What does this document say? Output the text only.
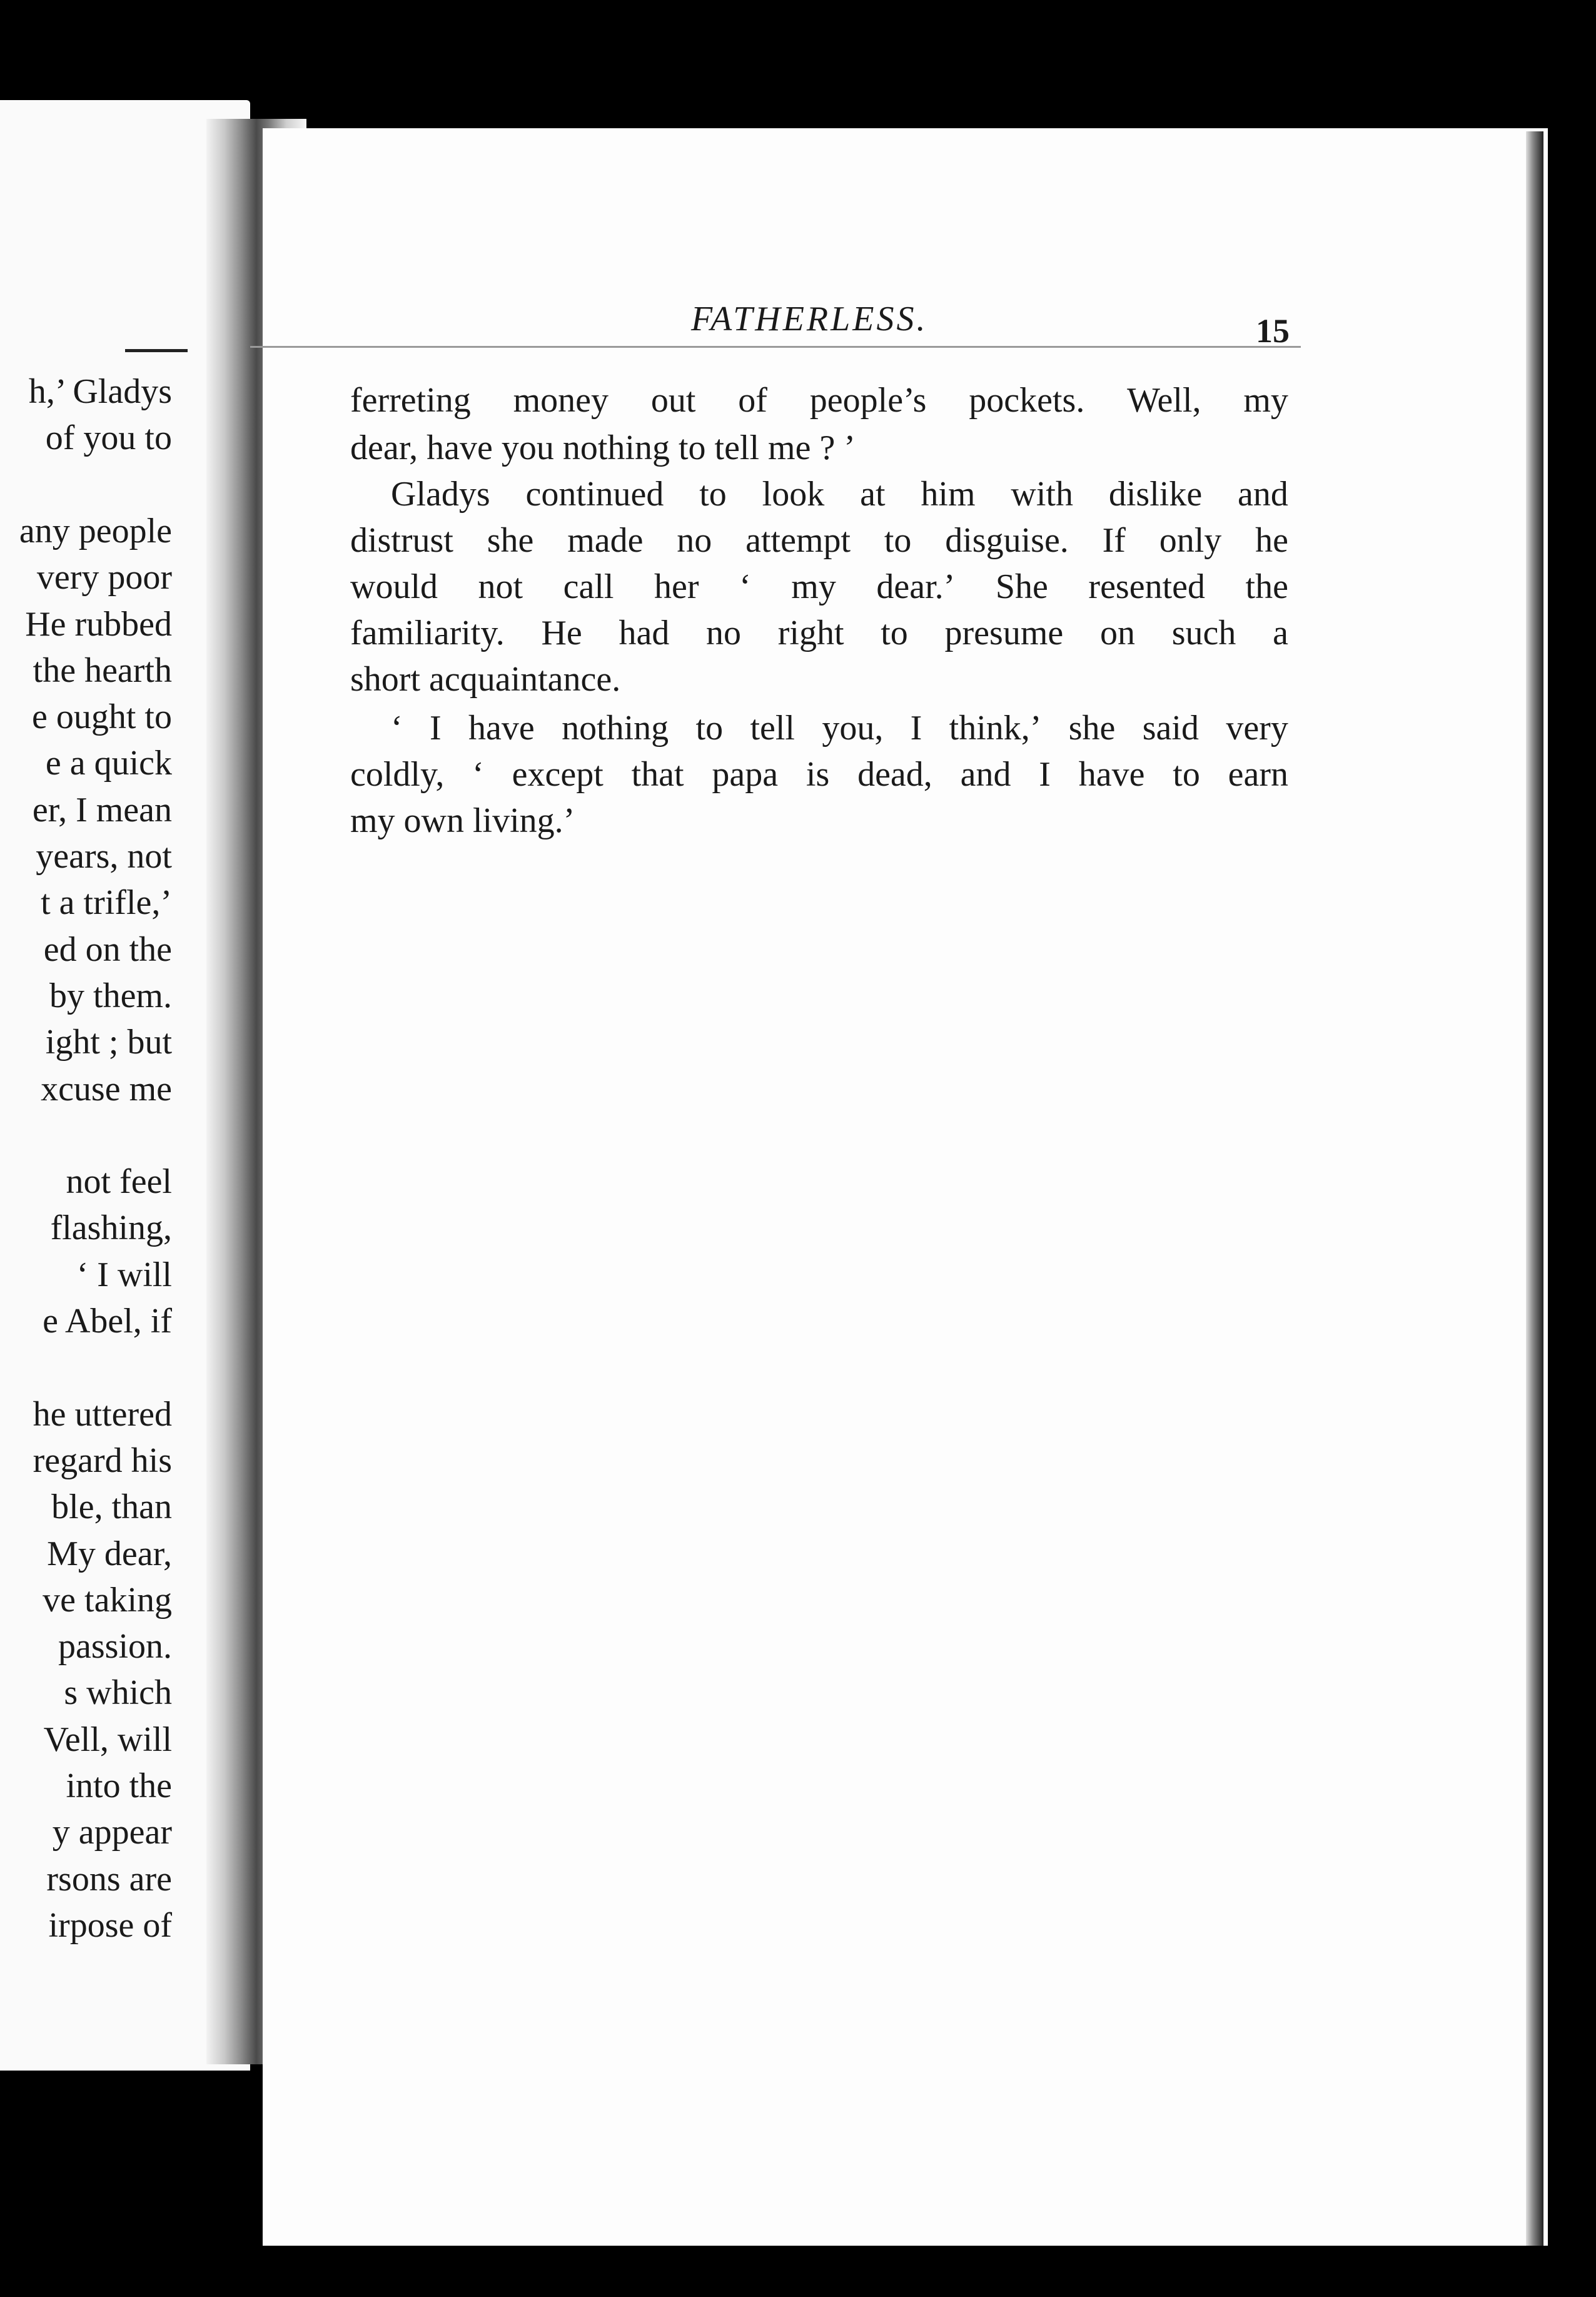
h,’ Gladys
of you to
any people
very poor
He rubbed
the hearth
e ought to
e a quick
er, I mean
years, not
t a trifle,’
ed on the
by them.
ight ; but
xcuse me
not feel
flashing,
‘ I will
e Abel, if
he uttered
regard his
ble, than
My dear,
ve taking
passion.
s which
Vell, will
into the
y appear
rsons are
irpose of
FATHERLESS.	15
ferreting money out of people’s pockets. Well, my
dear, have you nothing to tell me ? ’
Gladys continued to look at him with dislike and
distrust she made no attempt to disguise. If only he
would not call her ‘ my dear.’ She resented the
familiarity. He had no right to presume on such a
short acquaintance.
‘ I have nothing to tell you, I think,’ she said very
coldly, ‘ except that papa is dead, and I have to earn
my own living.’
